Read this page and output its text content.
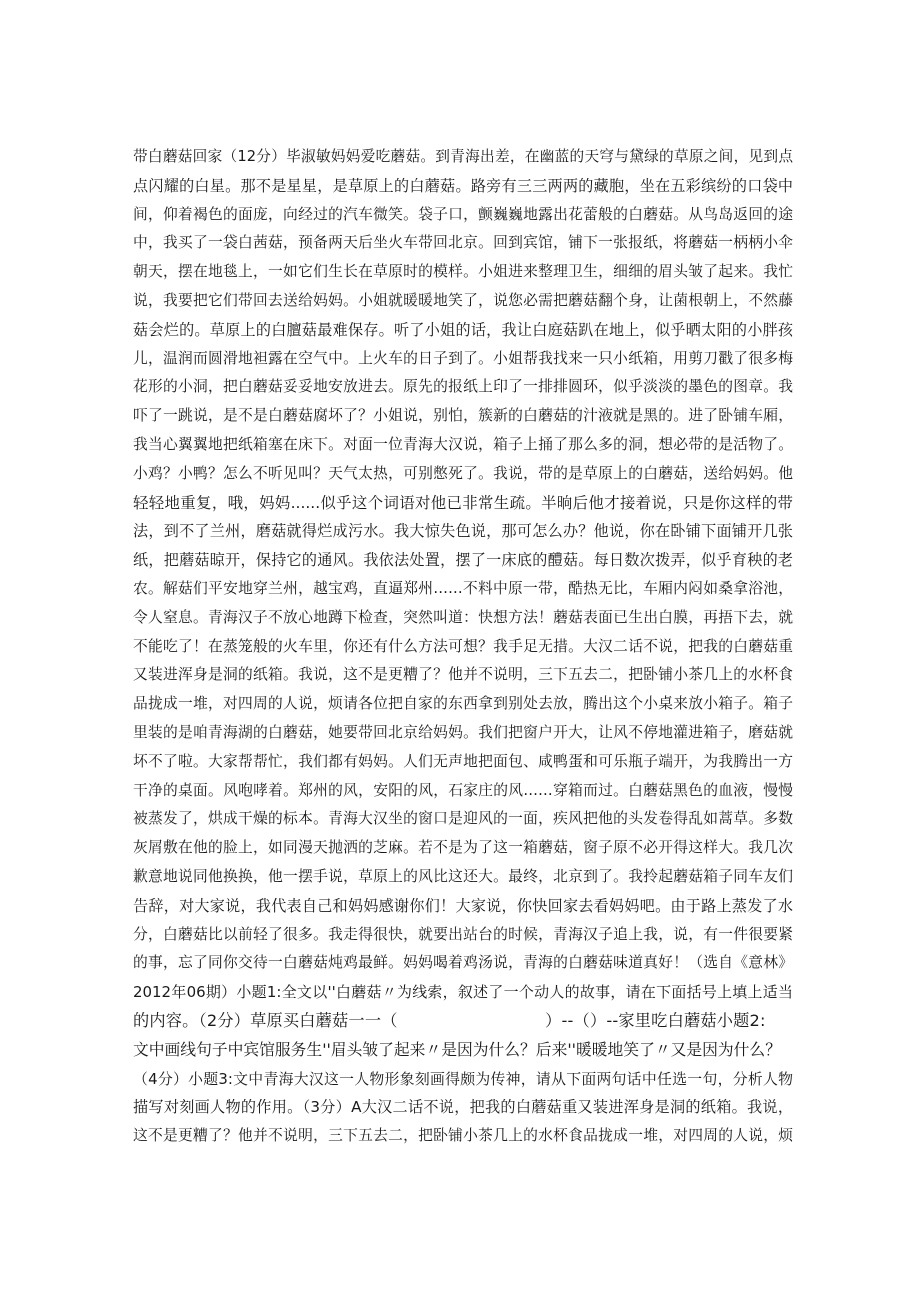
带白蘑菇回家（12分）毕淑敏妈妈爱吃蘑菇。到青海出差，在幽蓝的天穹与黛绿的草原之间，见到点
点闪耀的白星。那不是星星，是草原上的白蘑菇。路旁有三三两两的藏胞，坐在五彩缤纷的口袋中
间，仰着褐色的面庞，向经过的汽车微笑。袋子口，颤巍巍地露出花蕾般的白蘑菇。从鸟岛返回的途
中，我买了一袋白茜菇，预备两天后坐火车带回北京。回到宾馆，铺下一张报纸，将蘑菇一柄柄小伞
朝天，摆在地毯上，一如它们生长在草原时的模样。小姐进来整理卫生，细细的眉头皱了起来。我忙
说，我要把它们带回去送给妈妈。小姐就暖暖地笑了，说您必需把蘑菇翻个身，让菌根朝上，不然藤
菇会烂的。草原上的白膻菇最难保存。听了小姐的话，我让白庭菇趴在地上，似乎晒太阳的小胖孩
儿，温润而圆滑地袒露在空气中。上火车的日子到了。小姐帮我找来一只小纸箱，用剪刀戳了很多梅
花形的小洞，把白蘑菇妥妥地安放进去。原先的报纸上印了一排排圆环，似乎淡淡的墨色的图章。我
吓了一跳说，是不是白蘑菇腐坏了？小姐说，别怕，簇新的白蘑菇的汁液就是黑的。进了卧铺车厢，
我当心翼翼地把纸箱塞在床下。对面一位青海大汉说，箱子上捅了那么多的洞，想必带的是活物了。
小鸡？小鸭？怎么不听见叫？天气太热，可别憋死了。我说，带的是草原上的白蘑菇，送给妈妈。他
轻轻地重复，哦，妈妈......似乎这个词语对他已非常生疏。半晌后他才接着说，只是你这样的带
法，到不了兰州，磨菇就得烂成污水。我大惊失色说，那可怎么办？他说，你在卧铺下面铺开几张
纸，把蘑菇晾开，保持它的通风。我依法处置，摆了一床底的醴菇。每日数次拨弄，似乎育秧的老
农。解菇们平安地穿兰州，越宝鸡，直逼郑州……不料中原一带，酷热无比，车厢内闷如桑拿浴池，
令人窒息。青海汉子不放心地蹲下检查，突然叫道：快想方法！蘑菇表面已生出白膜，再捂下去，就
不能吃了！在蒸笼般的火车里，你还有什么方法可想？我手足无措。大汉二话不说，把我的白蘑菇重
又装进浑身是洞的纸箱。我说，这不是更糟了？他并不说明，三下五去二，把卧铺小茶几上的水杯食
品拢成一堆，对四周的人说，烦请各位把自家的东西拿到别处去放，腾出这个小桌来放小箱子。箱子
里装的是咱青海湖的白蘑菇，她要带回北京给妈妈。我们把窗户开大，让风不停地灌进箱子，磨菇就
坏不了啦。大家帮帮忙，我们都有妈妈。人们无声地把面包、咸鸭蛋和可乐瓶子端开，为我腾出一方
干净的桌面。风咆哮着。郑州的风，安阳的风，石家庄的风……穿箱而过。白蘑菇黑色的血液，慢慢
被蒸发了，烘成干燥的标本。青海大汉坐的窗口是迎风的一面，疾风把他的头发卷得乱如蒿草。多数
灰屑敷在他的脸上，如同漫天抛洒的芝麻。若不是为了这一箱蘑菇，窗子原不必开得这样大。我几次
歉意地说同他换换，他一摆手说，草原上的风比这还大。最终，北京到了。我拎起蘑菇箱子同车友们
告辞，对大家说，我代表自己和妈妈感谢你们！大家说，你快回家去看妈妈吧。由于路上蒸发了水
分，白蘑菇比以前轻了很多。我走得很快，就要出站台的时候，青海汉子追上我，说，有一件很要紧
的事，忘了同你交待一白蘑菇炖鸡最鲜。妈妈喝着鸡汤说，青海的白蘑菇味道真好！（选自《意林》
2012年06期）小题1:全文以''白蘑菇〃为线索，叙述了一个动人的故事，请在下面括号上填上适当
的内容。（2分）草原买白蘑菇一一（　　　　　　　　　）--（）--家里吃白蘑菇小题2:
文中画线句子中宾馆服务生''眉头皱了起来〃是因为什么？后来''暖暖地笑了〃又是因为什么？
（4分）小题3:文中青海大汉这一人物形象刻画得颇为传神，请从下面两句话中任选一句，分析人物
描写对刻画人物的作用。（3分）A大汉二话不说，把我的白蘑菇重又装进浑身是洞的纸箱。我说，
这不是更糟了？他并不说明，三下五去二，把卧铺小茶几上的水杯食品拢成一堆，对四周的人说，烦
